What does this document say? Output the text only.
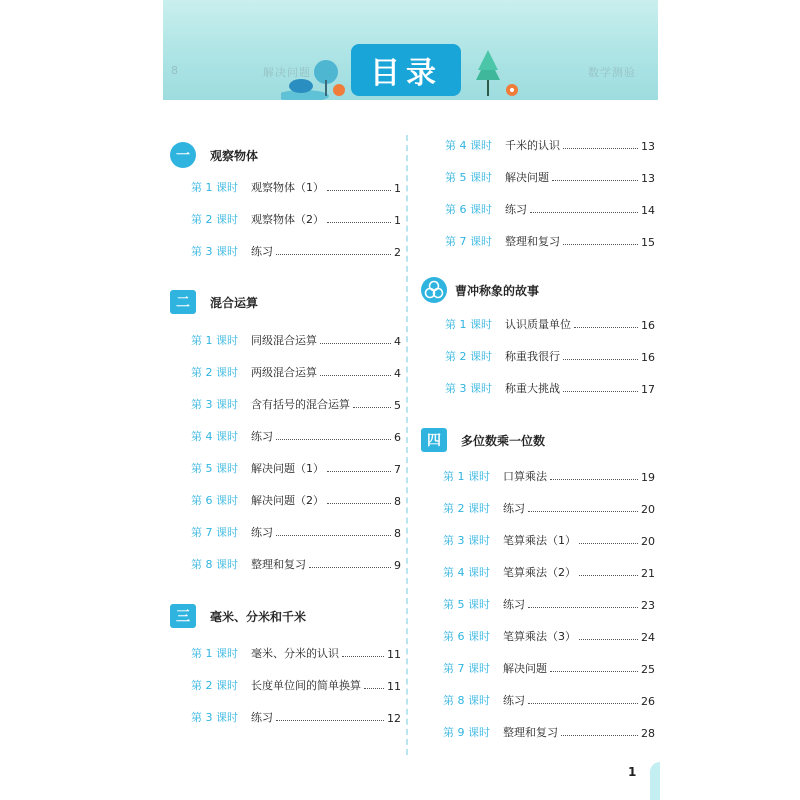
8	解决问题	数学测验
目录
一	观察物体
第 1 课时	观察物体（1）	1
第 2 课时	观察物体（2）	1
第 3 课时	练习	2
二	混合运算
第 1 课时	同级混合运算	4
第 2 课时	两级混合运算	4
第 3 课时	含有括号的混合运算	5
第 4 课时	练习	6
第 5 课时	解决问题（1）	7
第 6 课时	解决问题（2）	8
第 7 课时	练习	8
第 8 课时	整理和复习	9
三	毫米、分米和千米
第 1 课时	毫米、分米的认识	11
第 2 课时	长度单位间的简单换算 11
第 3 课时	练习	12
第 4 课时	千米的认识	13
第 5 课时	解决问题	13
第 6 课时	练习	14
第 7 课时	整理和复习	15
曹冲称象的故事
第 1 课时	认识质量单位	16
第 2 课时	称重我很行	16
第 3 课时	称重大挑战	17
四	多位数乘一位数
第 1 课时	口算乘法	19
第 2 课时	练习	20
第 3 课时	笔算乘法（1）	20
第 4 课时	笔算乘法（2）	21
第 5 课时	练习	23
第 6 课时	笔算乘法（3）	24
第 7 课时	解决问题	25
第 8 课时	练习	26
第 9 课时	整理和复习	28
1
